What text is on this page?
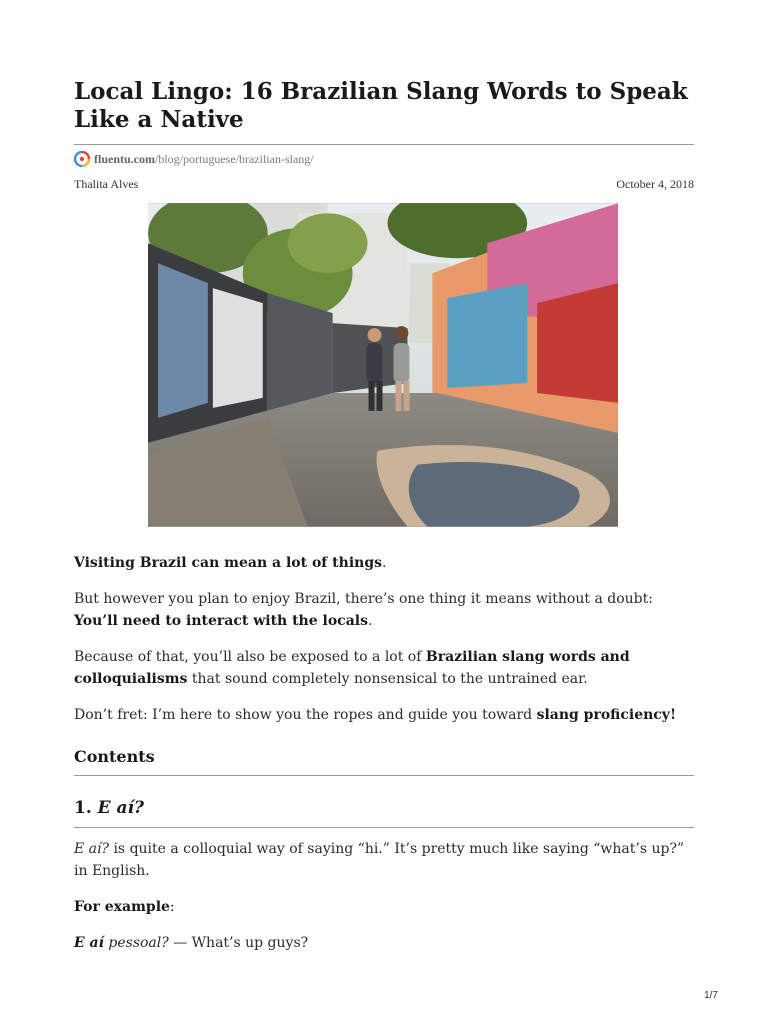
Local Lingo: 16 Brazilian Slang Words to Speak Like a Native
fluentu.com /blog/portuguese/brazilian-slang/
Thalita Alves	October 4, 2018

Visiting Brazil can mean a lot of things.

But however you plan to enjoy Brazil, there’s one thing it means without a doubt: You’ll need to interact with the locals.

Because of that, you’ll also be exposed to a lot of Brazilian slang words and colloquialisms that sound completely nonsensical to the untrained ear.

Don’t fret: I’m here to show you the ropes and guide you toward slang proficiency!

Contents
1. E aí?

E aí? is quite a colloquial way of saying “hi.” It’s pretty much like saying “what’s up?” in English.

For example:

E aí pessoal? — What’s up guys?

1/7
